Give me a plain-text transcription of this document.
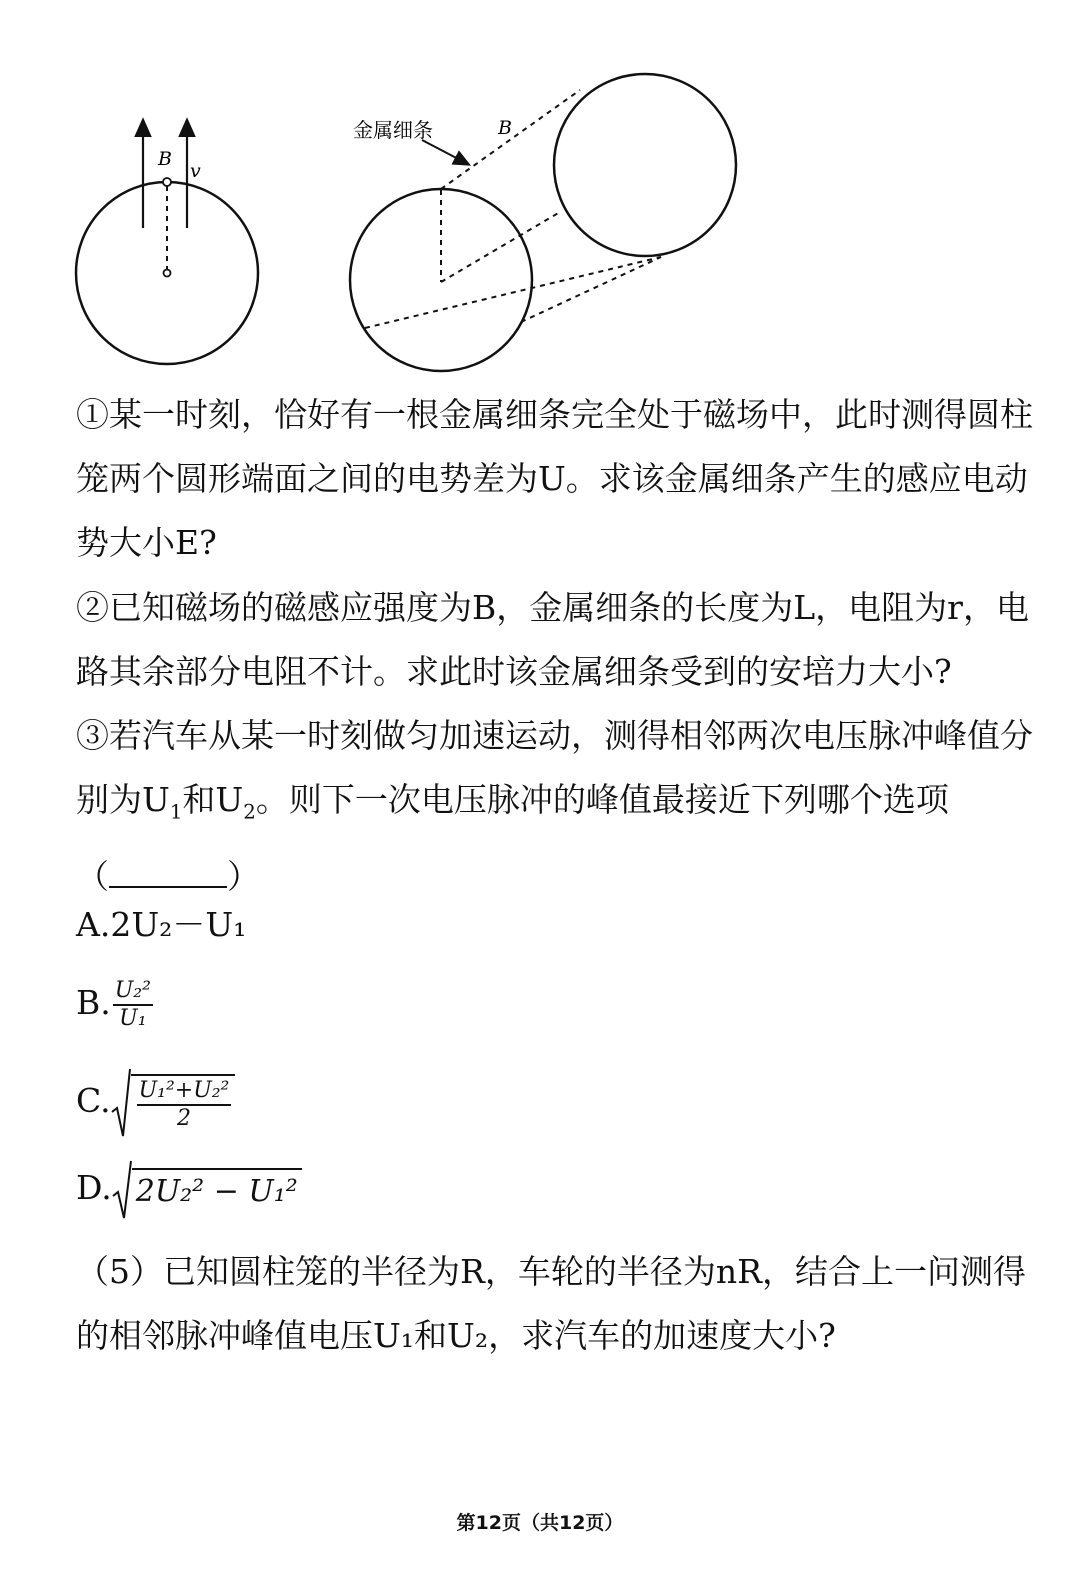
B
v
金属细条	B

①某一时刻，恰好有一根金属细条完全处于磁场中，此时测得圆柱笼两个圆形端面之间的电势差为U。求该金属细条产生的感应电动势大小E?

②已知磁场的磁感应强度为B，金属细条的长度为L，电阻为r，电路其余部分电阻不计。求此时该金属细条受到的安培力大小?

③若汽车从某一时刻做匀加速运动，测得相邻两次电压脉冲峰值分别为$U_1$和$U_2$。则下一次电压脉冲的峰值最接近下列哪个选项
（	）

A.2U₂－U₁
B. $\frac{\text{U₂²}}{\text{U₁}}$
C. $\frac{\text{U₁²+U₂²}}{2}$
D. 2U₂² − U₁²

（5）已知圆柱笼的半径为R，车轮的半径为nR，结合上一问测得的相邻脉冲峰值电压U₁和U₂，求汽车的加速度大小?

第12页（共12页）
